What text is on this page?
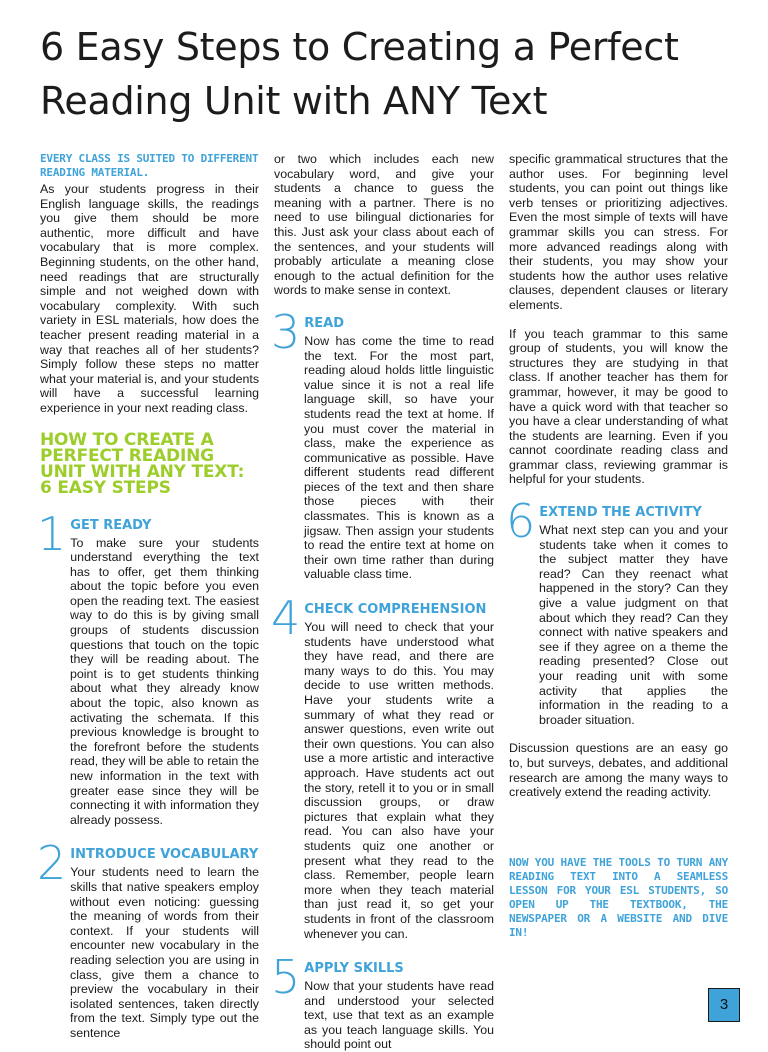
6 Easy Steps to Creating a Perfect Reading Unit with ANY Text

EVERY CLASS IS SUITED TO DIFFERENT READING MATERIAL.

As your students progress in their English language skills, the readings you give them should be more authentic, more difficult and have vocabulary that is more complex. Beginning students, on the other hand, need readings that are structurally simple and not weighed down with vocabulary complexity. With such variety in ESL materials, how does the teacher present reading material in a way that reaches all of her students? Simply follow these steps no matter what your material is, and your students will have a successful learning experience in your next reading class.

HOW TO CREATE A PERFECT READING UNIT WITH ANY TEXT: 6 EASY STEPS

1 GET READY

To make sure your students understand everything the text has to offer, get them thinking about the topic before you even open the reading text. The easiest way to do this is by giving small groups of students discussion questions that touch on the topic they will be reading about. The point is to get students thinking about what they already know about the topic, also known as activating the schemata. If this previous knowledge is brought to the forefront before the students read, they will be able to retain the new information in the text with greater ease since they will be connecting it with information they already possess.

2 INTRODUCE VOCABULARY

Your students need to learn the skills that native speakers employ without even noticing: guessing the meaning of words from their context. If your students will encounter new vocabulary in the reading selection you are using in class, give them a chance to preview the vocabulary in their isolated sentences, taken directly from the text. Simply type out the sentence

or two which includes each new vocabulary word, and give your students a chance to guess the meaning with a partner. There is no need to use bilingual dictionaries for this. Just ask your class about each of the sentences, and your students will probably articulate a meaning close enough to the actual definition for the words to make sense in context.

3 READ

Now has come the time to read the text. For the most part, reading aloud holds little linguistic value since it is not a real life language skill, so have your students read the text at home. If you must cover the material in class, make the experience as communicative as possible. Have different students read different pieces of the text and then share those pieces with their classmates. This is known as a jigsaw. Then assign your students to read the entire text at home on their own time rather than during valuable class time.

4 CHECK COMPREHENSION

You will need to check that your students have understood what they have read, and there are many ways to do this. You may decide to use written methods. Have your students write a summary of what they read or answer questions, even write out their own questions. You can also use a more artistic and interactive approach. Have students act out the story, retell it to you or in small discussion groups, or draw pictures that explain what they read. You can also have your students quiz one another or present what they read to the class. Remember, people learn more when they teach material than just read it, so get your students in front of the classroom whenever you can.

5 APPLY SKILLS

Now that your students have read and understood your selected text, use that text as an example as you teach language skills. You should point out

specific grammatical structures that the author uses. For beginning level students, you can point out things like verb tenses or prioritizing adjectives. Even the most simple of texts will have grammar skills you can stress. For more advanced readings along with their students, you may show your students how the author uses relative clauses, dependent clauses or literary elements.

If you teach grammar to this same group of students, you will know the structures they are studying in that class. If another teacher has them for grammar, however, it may be good to have a quick word with that teacher so you have a clear understanding of what the students are learning. Even if you cannot coordinate reading class and grammar class, reviewing grammar is helpful for your students.

6 EXTEND THE ACTIVITY

What next step can you and your students take when it comes to the subject matter they have read? Can they reenact what happened in the story? Can they give a value judgment on that about which they read? Can they connect with native speakers and see if they agree on a theme the reading presented? Close out your reading unit with some activity that applies the information in the reading to a broader situation.

Discussion questions are an easy go to, but surveys, debates, and additional research are among the many ways to creatively extend the reading activity.

NOW YOU HAVE THE TOOLS TO TURN ANY READING TEXT INTO A SEAMLESS LESSON FOR YOUR ESL STUDENTS, SO OPEN UP THE TEXTBOOK, THE NEWSPAPER OR A WEBSITE AND DIVE IN!

3
